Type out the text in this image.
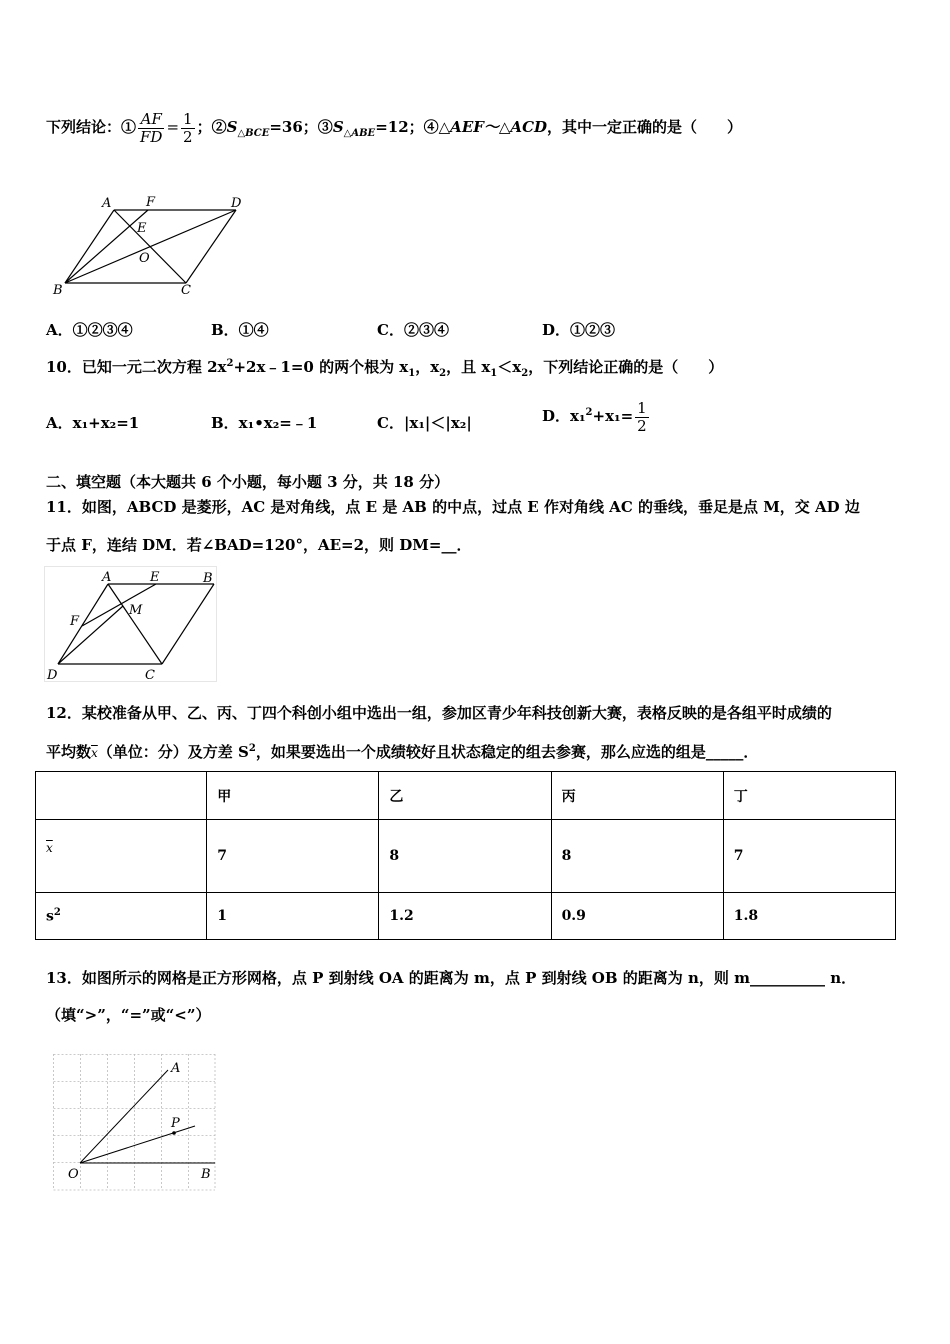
下列结论：① $\frac{AF}{FD} = \frac{1}{2}$ ；$②S_{\triangle BCE}=36$；$③S_{\triangle ABE}=12$；④△AEF～△ACD，其中一定正确的是（　　）
A	F	D
E
O
B	C
A．①②③④	B．①④	C．②③④	D．①②③
10．已知一元二次方程 $2x^2+2x﹣1=0$ 的两个根为 $x_1$，$x_2$，且 $x_1<x_2$，下列结论正确的是（　　）
A．x₁+x₂=1	B．x₁•x₂=﹣1	C．|x₁|＜|x₂|	D．$x_1^2+x_1= \frac{1}{2}$
二、填空题（本大题共 6 个小题，每小题 3 分，共 18 分）
11．如图，ABCD 是菱形，AC 是对角线，点 E 是 AB 的中点，过点 E 作对角线 AC 的垂线，垂足是点 M，交 AD 边
于点 F，连结 DM．若∠BAD=120°，AE=2，则 DM=__．
A	E	B
M
F
D	C
12．某校准备从甲、乙、丙、丁四个科创小组中选出一组，参加区青少年科技创新大赛，表格反映的是各组平时成绩的
平均数$\overline{x}$（单位：分）及方差 $S^2$，如果要选出一个成绩较好且状态稳定的组去参赛，那么应选的组是_____．
	甲	乙	丙	丁
$\overline{x}$	7	8	8	7
$s^2$	1	1.2	0.9	1.8
13．如图所示的网格是正方形网格，点 P 到射线 OA 的距离为 m，点 P 到射线 OB 的距离为 n，则 m__________ n．
（填“>”，“=”或“<”）
A
P
O	B
